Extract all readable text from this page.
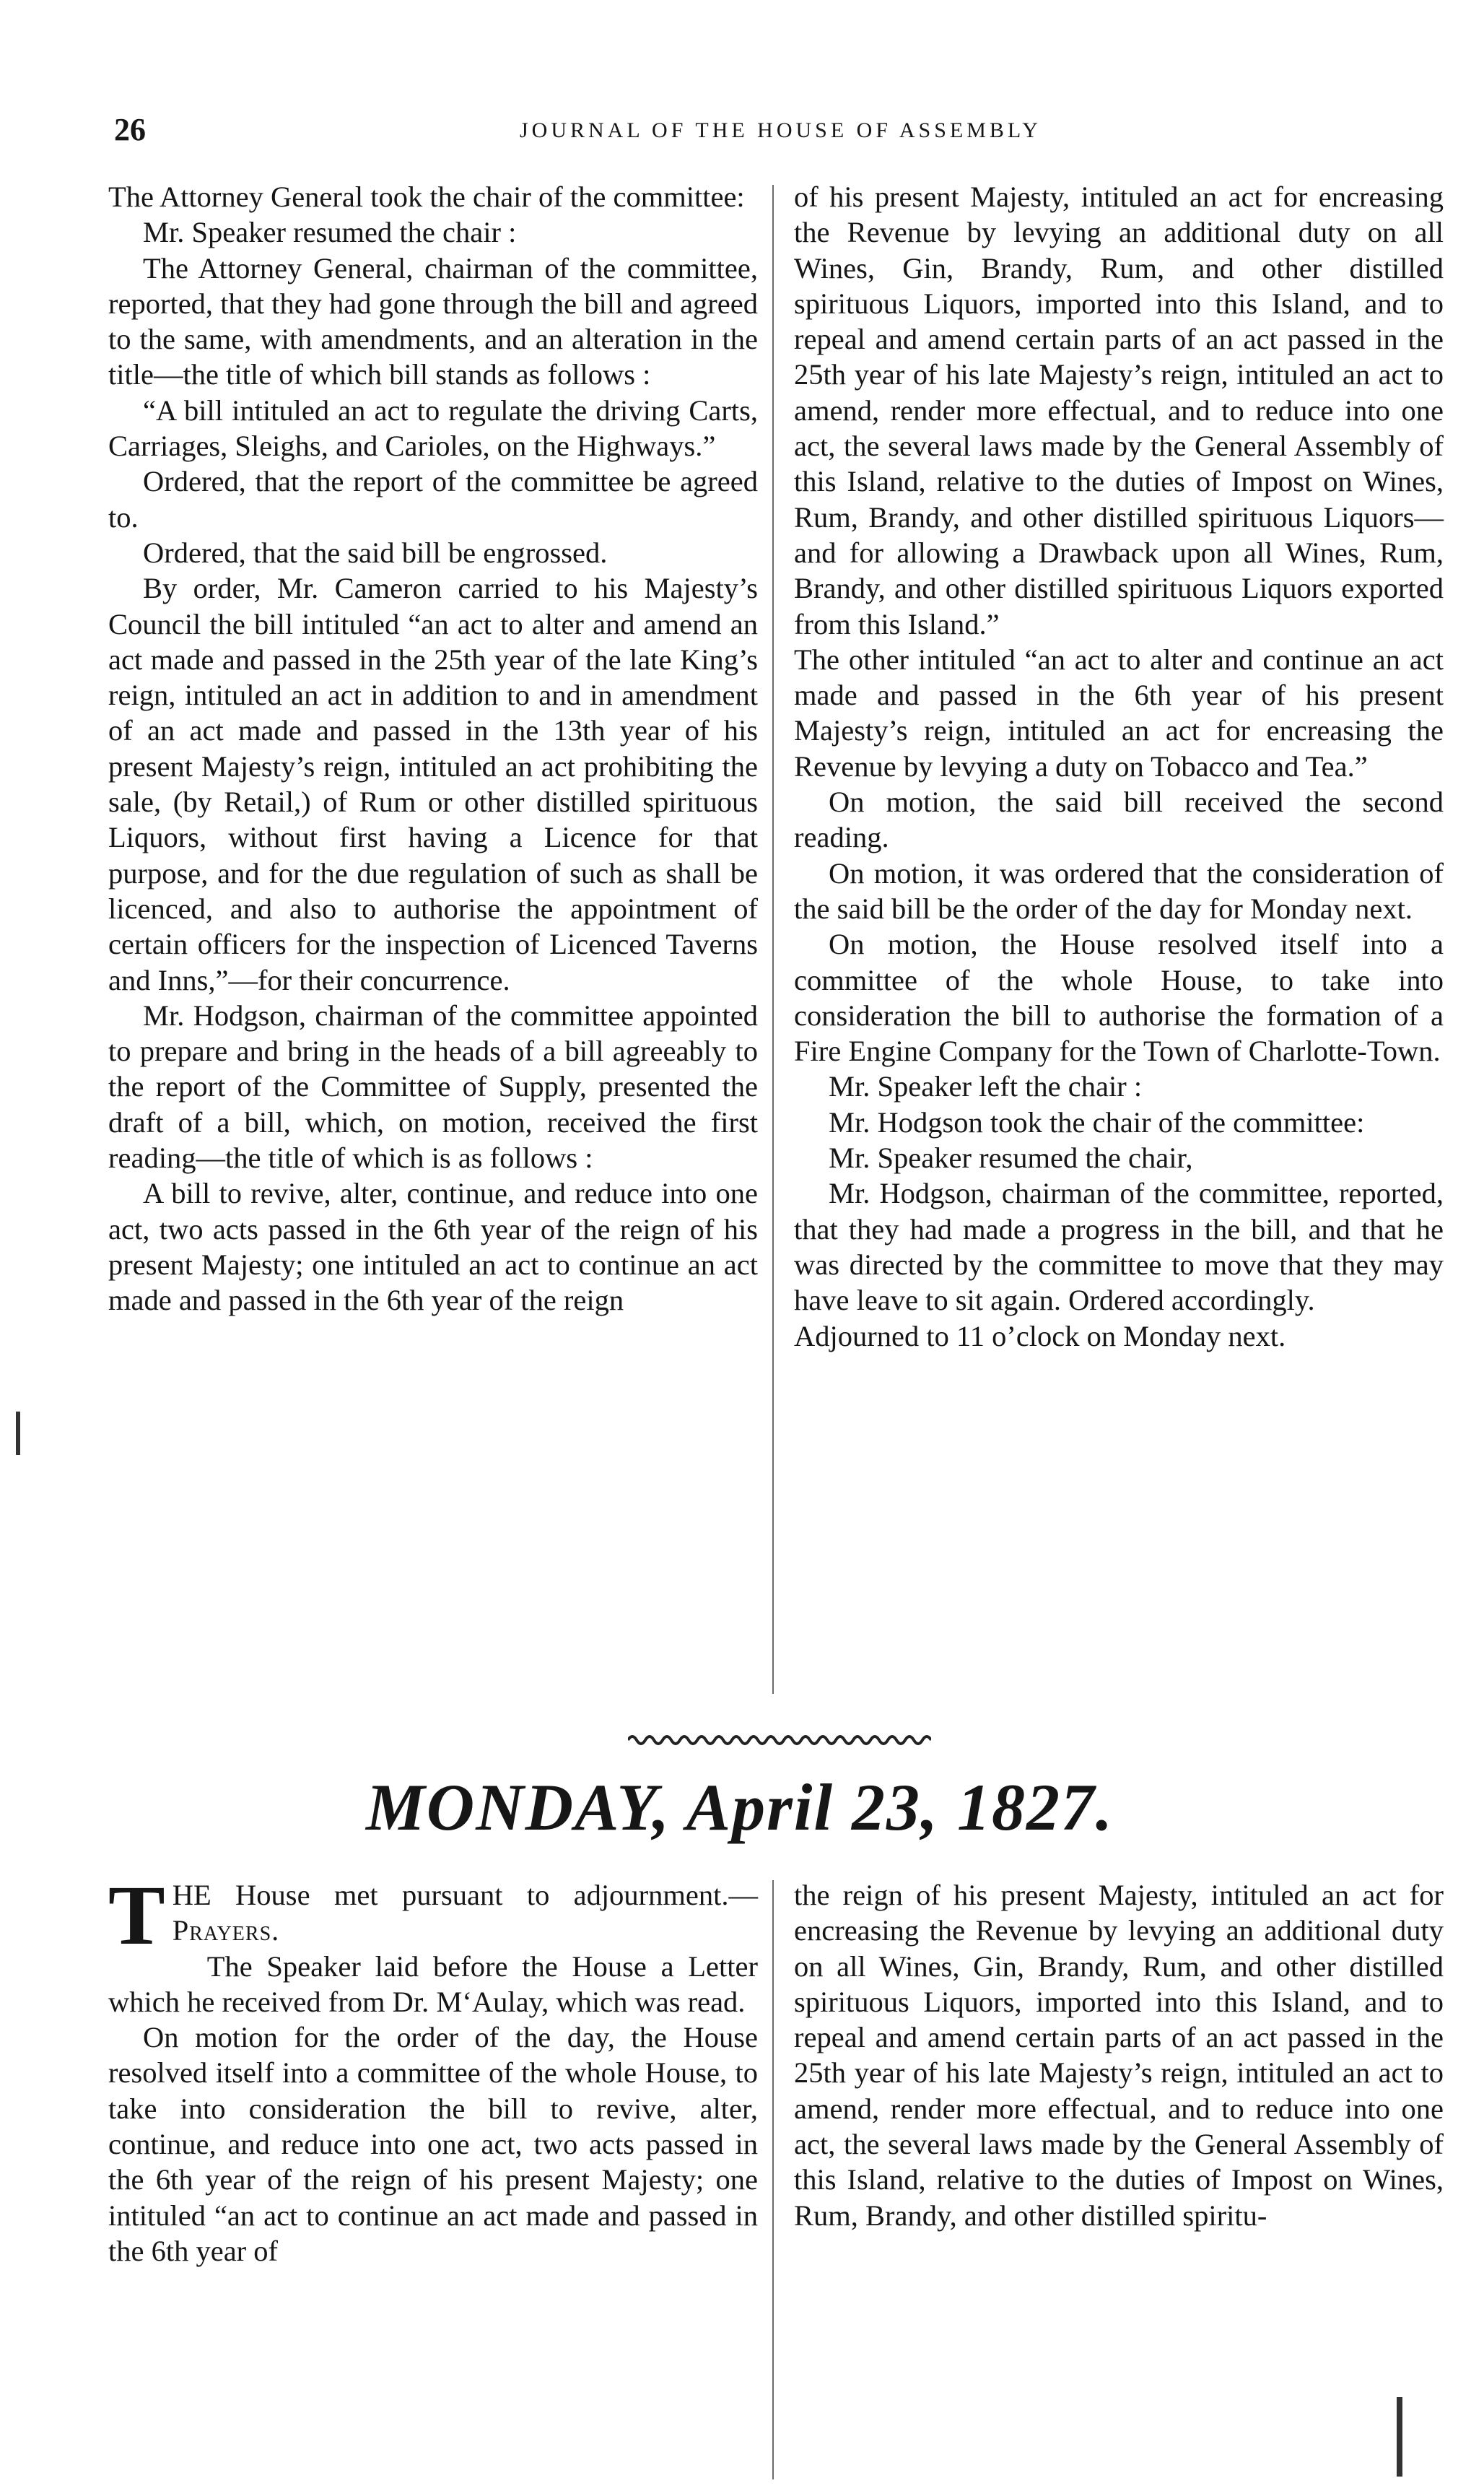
26	JOURNAL OF THE HOUSE OF ASSEMBLY

The Attorney General took the chair of the committee:

Mr. Speaker resumed the chair :

The Attorney General, chairman of the committee, reported, that they had gone through the bill and agreed to the same, with amendments, and an alteration in the title—the title of which bill stands as follows :

“A bill intituled an act to regulate the driving Carts, Carriages, Sleighs, and Carioles, on the Highways.”

Ordered, that the report of the committee be agreed to.

Ordered, that the said bill be engrossed.

By order, Mr. Cameron carried to his Majesty’s Council the bill intituled “an act to alter and amend an act made and passed in the 25th year of the late King’s reign, intituled an act in addition to and in amendment of an act made and passed in the 13th year of his present Majesty’s reign, intituled an act prohibiting the sale, (by Retail,) of Rum or other distilled spirituous Liquors, without first having a Licence for that purpose, and for the due regulation of such as shall be licenced, and also to authorise the appointment of certain officers for the inspection of Licenced Taverns and Inns,”—for their concurrence.

Mr. Hodgson, chairman of the committee appointed to prepare and bring in the heads of a bill agreeably to the report of the Committee of Supply, presented the draft of a bill, which, on motion, received the first reading—the title of which is as follows :

A bill to revive, alter, continue, and reduce into one act, two acts passed in the 6th year of the reign of his present Majesty; one intituled an act to continue an act made and passed in the 6th year of the reign

of his present Majesty, intituled an act for encreasing the Revenue by levying an additional duty on all Wines, Gin, Brandy, Rum, and other distilled spirituous Liquors, imported into this Island, and to repeal and amend certain parts of an act passed in the 25th year of his late Majesty’s reign, intituled an act to amend, render more effectual, and to reduce into one act, the several laws made by the General Assembly of this Island, relative to the duties of Impost on Wines, Rum, Brandy, and other distilled spirituous Liquors—and for allowing a Drawback upon all Wines, Rum, Brandy, and other distilled spirituous Liquors exported from this Island.”

The other intituled “an act to alter and continue an act made and passed in the 6th year of his present Majesty’s reign, intituled an act for encreasing the Revenue by levying a duty on Tobacco and Tea.”

On motion, the said bill received the second reading.

On motion, it was ordered that the consideration of the said bill be the order of the day for Monday next.

On motion, the House resolved itself into a committee of the whole House, to take into consideration the bill to authorise the formation of a Fire Engine Company for the Town of Charlotte-Town.

Mr. Speaker left the chair :

Mr. Hodgson took the chair of the committee:

Mr. Speaker resumed the chair,

Mr. Hodgson, chairman of the committee, reported, that they had made a progress in the bill, and that he was directed by the committee to move that they may have leave to sit again. Ordered accordingly.

Adjourned to 11 o’clock on Monday next.

MONDAY, April 23, 1827.

T HE House met pursuant to adjournment.—Prayers.

The Speaker laid before the House a Letter which he received from Dr. M‘Aulay, which was read.

On motion for the order of the day, the House resolved itself into a committee of the whole House, to take into consideration the bill to revive, alter, continue, and reduce into one act, two acts passed in the 6th year of the reign of his present Majesty; one intituled “an act to continue an act made and passed in the 6th year of

the reign of his present Majesty, intituled an act for encreasing the Revenue by levying an additional duty on all Wines, Gin, Brandy, Rum, and other distilled spirituous Liquors, imported into this Island, and to repeal and amend certain parts of an act passed in the 25th year of his late Majesty’s reign, intituled an act to amend, render more effectual, and to reduce into one act, the several laws made by the General Assembly of this Island, relative to the duties of Impost on Wines, Rum, Brandy, and other distilled spiritu-
